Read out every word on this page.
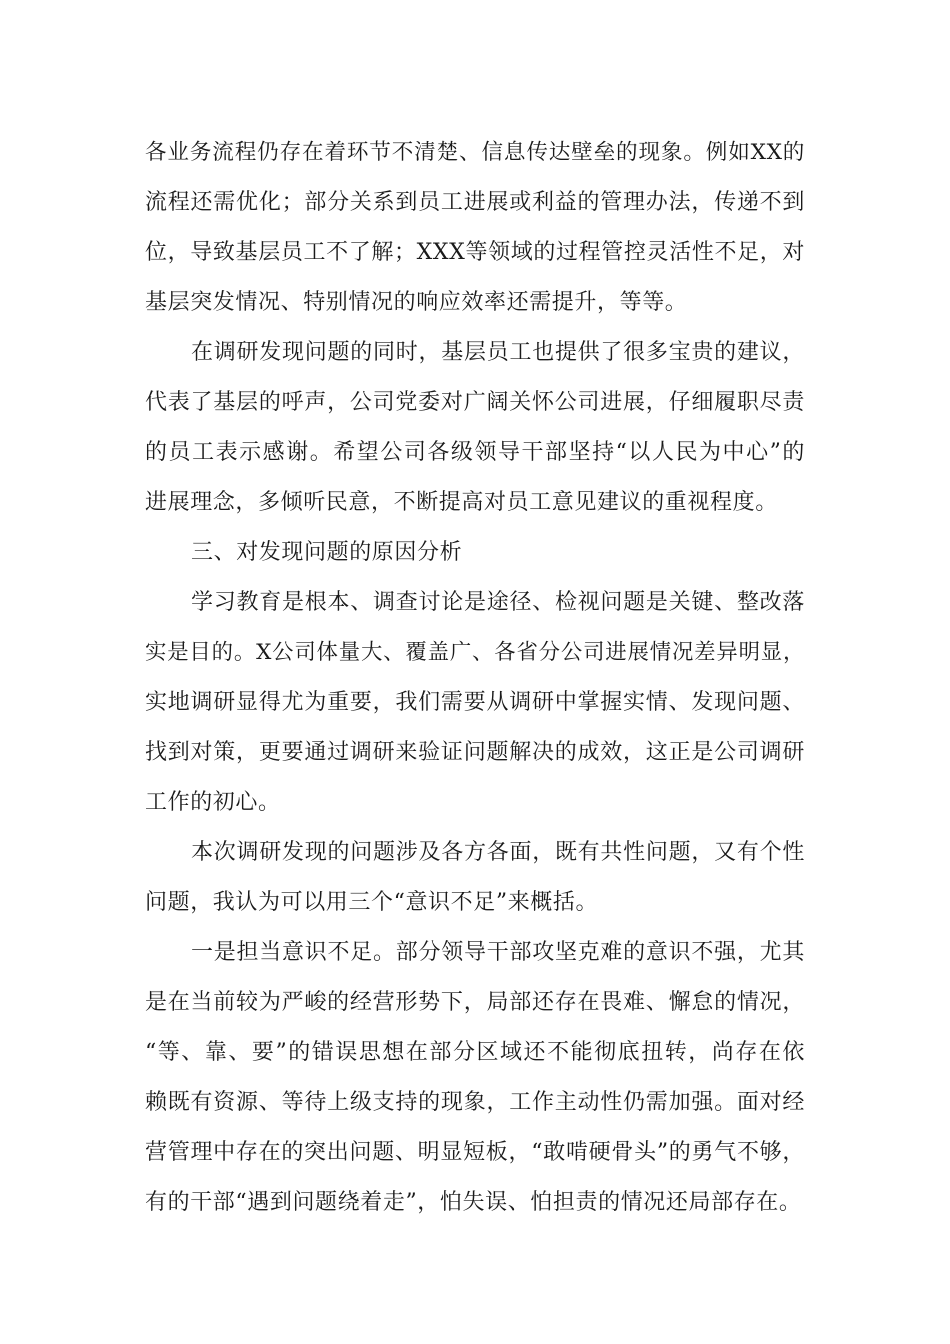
各业务流程仍存在着环节不清楚、信息传达壁垒的现象。例如XX的
流程还需优化；部分关系到员工进展或利益的管理办法，传递不到
位，导致基层员工不了解；XXX等领域的过程管控灵活性不足，对
基层突发情况、特别情况的响应效率还需提升，等等。
在调研发现问题的同时，基层员工也提供了很多宝贵的建议，
代表了基层的呼声，公司党委对广阔关怀公司进展，仔细履职尽责
的员工表示感谢。希望公司各级领导干部坚持“以人民为中心”的
进展理念，多倾听民意，不断提高对员工意见建议的重视程度。
三、对发现问题的原因分析
学习教育是根本、调查讨论是途径、检视问题是关键、整改落
实是目的。X公司体量大、覆盖广、各省分公司进展情况差异明显，
实地调研显得尤为重要，我们需要从调研中掌握实情、发现问题、
找到对策，更要通过调研来验证问题解决的成效，这正是公司调研
工作的初心。
本次调研发现的问题涉及各方各面，既有共性问题，又有个性
问题，我认为可以用三个“意识不足”来概括。
一是担当意识不足。部分领导干部攻坚克难的意识不强，尤其
是在当前较为严峻的经营形势下，局部还存在畏难、懈怠的情况，
“等、靠、要”的错误思想在部分区域还不能彻底扭转，尚存在依
赖既有资源、等待上级支持的现象，工作主动性仍需加强。面对经
营管理中存在的突出问题、明显短板，“敢啃硬骨头”的勇气不够，
有的干部“遇到问题绕着走”，怕失误、怕担责的情况还局部存在。
